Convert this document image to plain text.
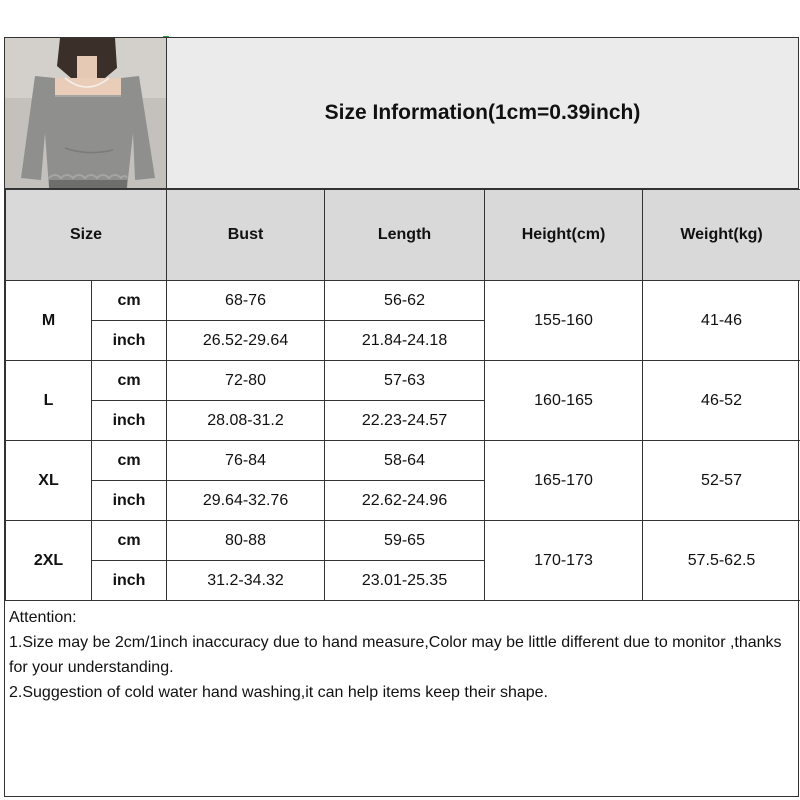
Size Information(1cm=0.39inch)
Size		Bust	Length	Height(cm)	Weight(kg)
M	cm	68-76	56-62	155-160	41-46
	inch	26.52-29.64	21.84-24.18		
L	cm	72-80	57-63	160-165	46-52
	inch	28.08-31.2	22.23-24.57		
XL	cm	76-84	58-64	165-170	52-57
	inch	29.64-32.76	22.62-24.96		
2XL	cm	80-88	59-65	170-173	57.5-62.5
	inch	31.2-34.32	23.01-25.35		

Attention:

1.Size may be 2cm/1inch inaccuracy due to hand measure,Color may be little different due to monitor ,thanks for your understanding.

2.Suggestion of cold water hand washing,it can help items keep their shape.
